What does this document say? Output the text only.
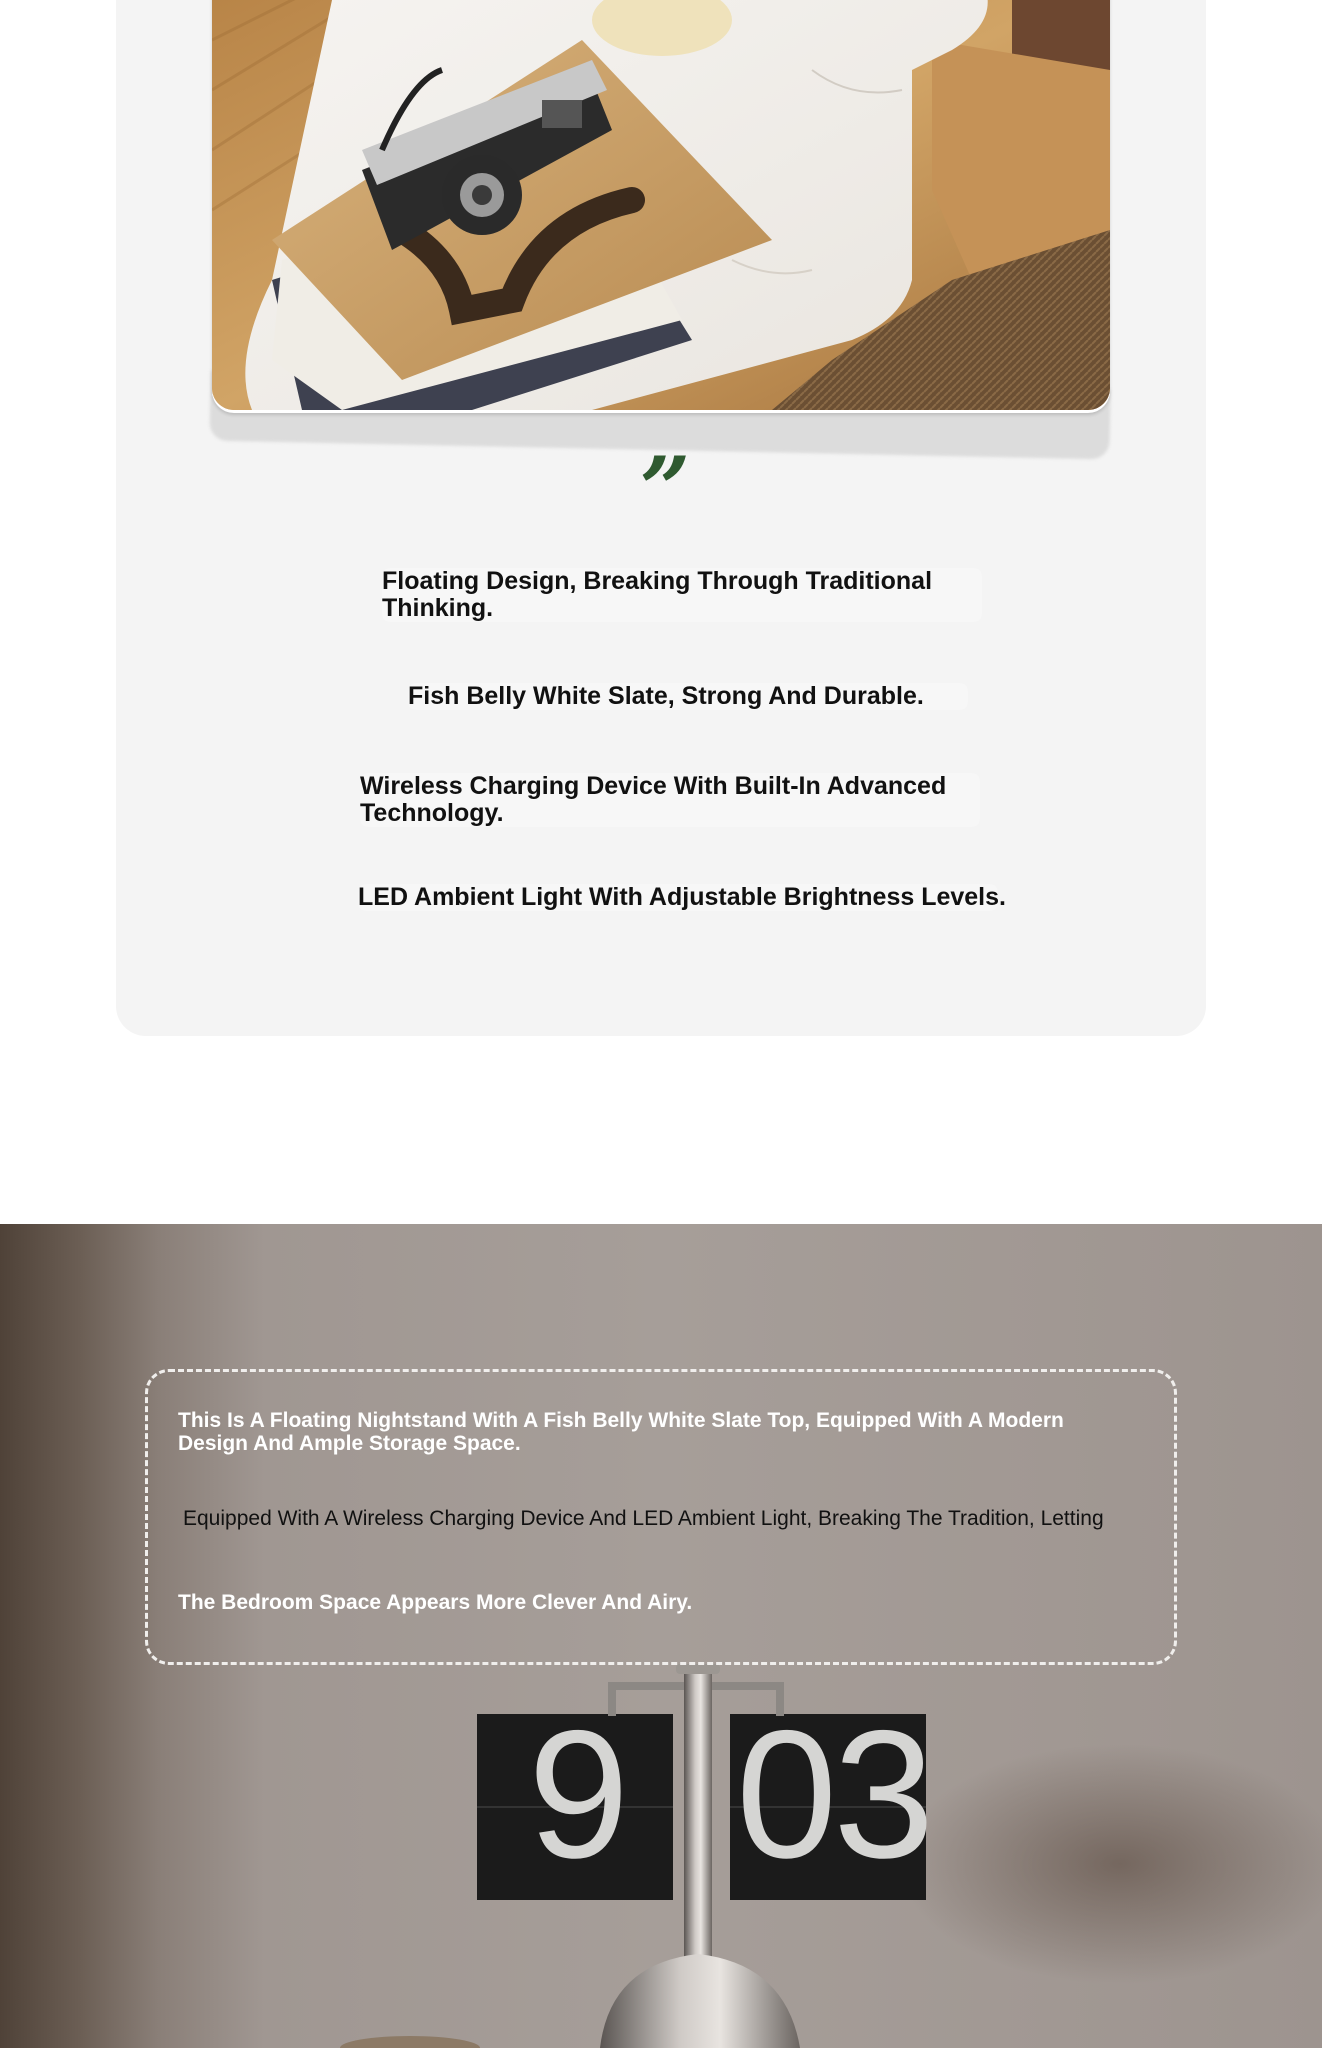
”
Floating Design, Breaking Through Traditional Thinking.
Fish Belly White Slate, Strong And Durable.
Wireless Charging Device With Built-In Advanced Technology.
LED Ambient Light With Adjustable Brightness Levels.
This Is A Floating Nightstand With A Fish Belly White Slate Top, Equipped With A Modern Design And Ample Storage Space.
Equipped With A Wireless Charging Device And LED Ambient Light, Breaking The Tradition, Letting
The Bedroom Space Appears More Clever And Airy.
9 03
